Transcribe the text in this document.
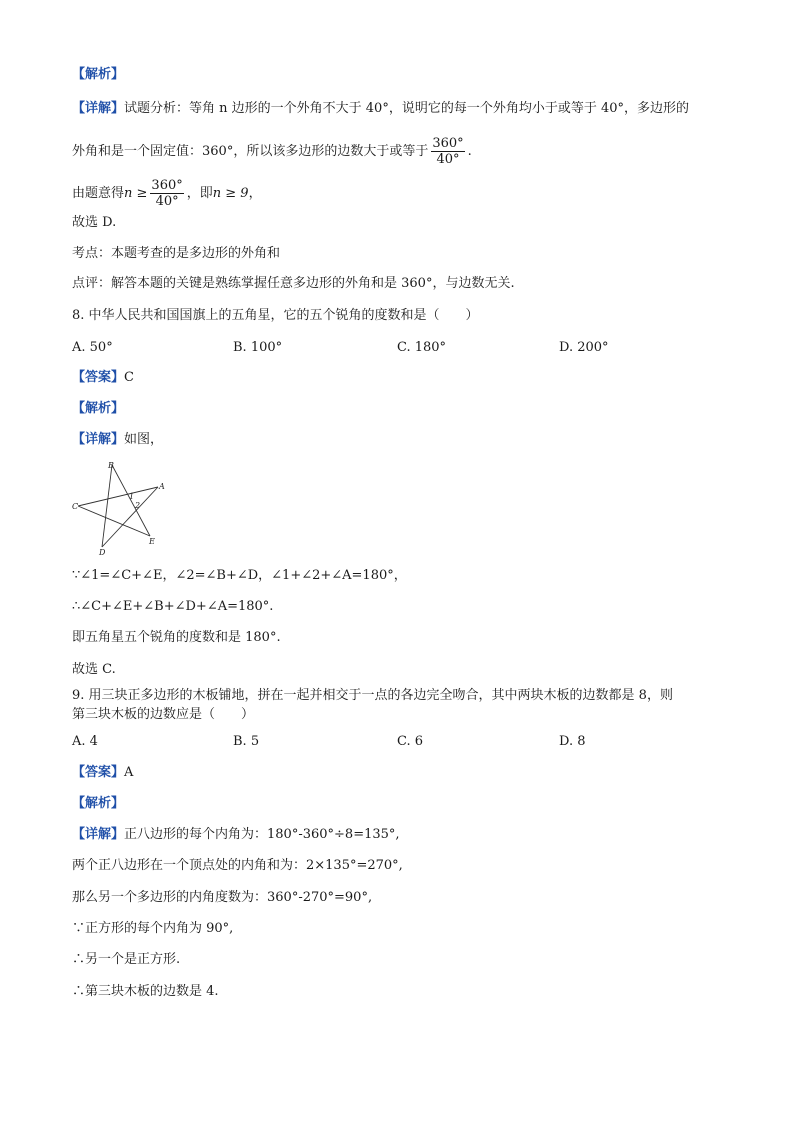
【解析】
【详解】试题分析：等角 n 边形的一个外角不大于 40°，说明它的每一个外角均小于或等于 40°，多边形的
外角和是一个固定值：360°，所以该多边形的边数大于或等于 $\frac{360^\circ}{40^\circ}$ .
由题意得$n \ge \frac{360^\circ}{40^\circ}$ ，即n ≥ 9，
故选 D.
考点：本题考查的是多边形的外角和
点评：解答本题的关键是熟练掌握任意多边形的外角和是 360°，与边数无关.
8. 中华人民共和国国旗上的五角星，它的五个锐角的度数和是（　　）
A. 50°	B. 100°	C. 180°	D. 200°
【答案】C
【解析】
【详解】如图，
B
A
C
D
E
1
2
∵∠1=∠C+∠E，∠2=∠B+∠D，∠1+∠2+∠A=180°，
∴∠C+∠E+∠B+∠D+∠A=180°.
即五角星五个锐角的度数和是 180°.
故选 C.
9. 用三块正多边形的木板铺地，拼在一起并相交于一点的各边完全吻合，其中两块木板的边数都是 8，则
第三块木板的边数应是（　　）
A. 4	B. 5	C. 6	D. 8
【答案】A
【解析】
【详解】正八边形的每个内角为：180°-360°÷8=135°,
两个正八边形在一个顶点处的内角和为：2×135°=270°,
那么另一个多边形的内角度数为：360°-270°=90°,
∵正方形的每个内角为 90°,
∴另一个是正方形.
∴第三块木板的边数是 4.
